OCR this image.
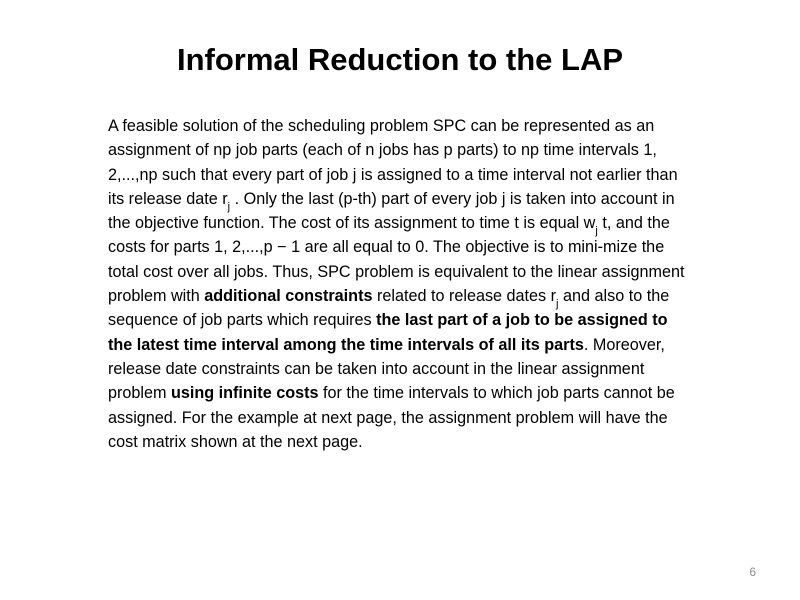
Informal Reduction to the LAP

A feasible solution of the scheduling problem SPC can be represented as an assignment of np job parts (each of n jobs has p parts) to np time intervals 1, 2,...,np such that every part of job j is assigned to a time interval not earlier than its release date $r_j$ . Only the last (p-th) part of every job j is taken into account in the objective function. The cost of its assignment to time t is equal $w_j$ t, and the costs for parts 1, 2,...,p − 1 are all equal to 0. The objective is to mini-mize the total cost over all jobs. Thus, SPC problem is equivalent to the linear assignment problem with additional constraints related to release dates $r_j$ and also to the sequence of job parts which requires the last part of a job to be assigned to the latest time interval among the time intervals of all its parts. Moreover, release date constraints can be taken into account in the linear assignment problem using infinite costs for the time intervals to which job parts cannot be assigned. For the example at next page, the assignment problem will have the cost matrix shown at the next page.

6
